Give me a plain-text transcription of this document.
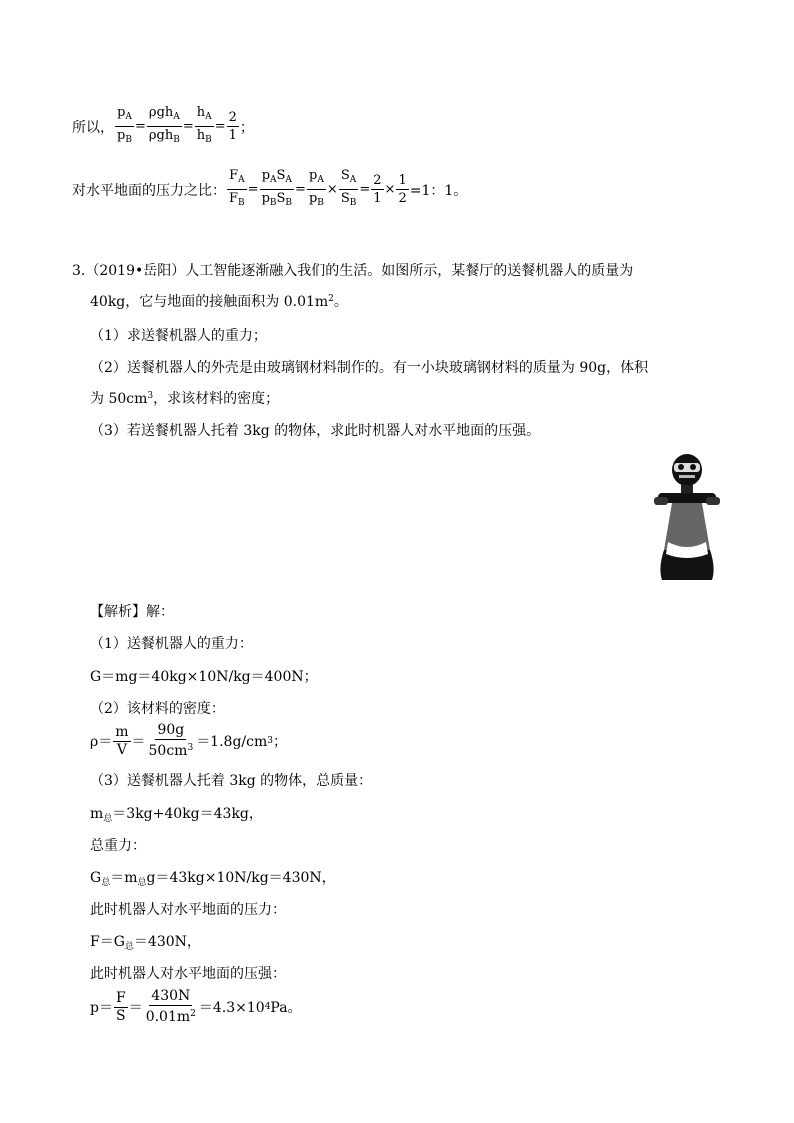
所以， $\frac{p_A}{p_B} = \frac{\rho gh_A}{\rho gh_B} = \frac{h_A}{h_B} = \frac{2}{1}$ ；
对水平地面的压力之比： $\frac{F_A}{F_B} = \frac{p_AS_A}{p_BS_B} = \frac{p_A}{p_B} \times \frac{S_A}{S_B} = \frac{2}{1} \times \frac{1}{2} =1$：1。
3.（2019•岳阳）人工智能逐渐融入我们的生活。如图所示，某餐厅的送餐机器人的质量为
40kg，它与地面的接触面积为 $0.01m^2$。
（1）求送餐机器人的重力；
（2）送餐机器人的外壳是由玻璃钢材料制作的。有一小块玻璃钢材料的质量为 90g，体积
为 $50cm^3$，求该材料的密度；
（3）若送餐机器人托着 3kg 的物体，求此时机器人对水平地面的压强。
【解析】解：
（1）送餐机器人的重力：
G＝mg＝40kg×10N/kg＝400N；
（2）该材料的密度：
$\rho= \frac{m}{V} = \frac{90g}{50cm^3} =1.8g/cm$ 3 ；
（3）送餐机器人托着 3kg 的物体，总质量：
$m_总=3kg+40kg=43kg$，
总重力：
$G_总=m_总g=43kg\times 10N/kg=430N$，
此时机器人对水平地面的压力：
$F=G_总=430N$，
此时机器人对水平地面的压强：
$p= \frac{F}{S} = \frac{430N}{0.01m^2} =4.3\times 10$ 4 Pa。
